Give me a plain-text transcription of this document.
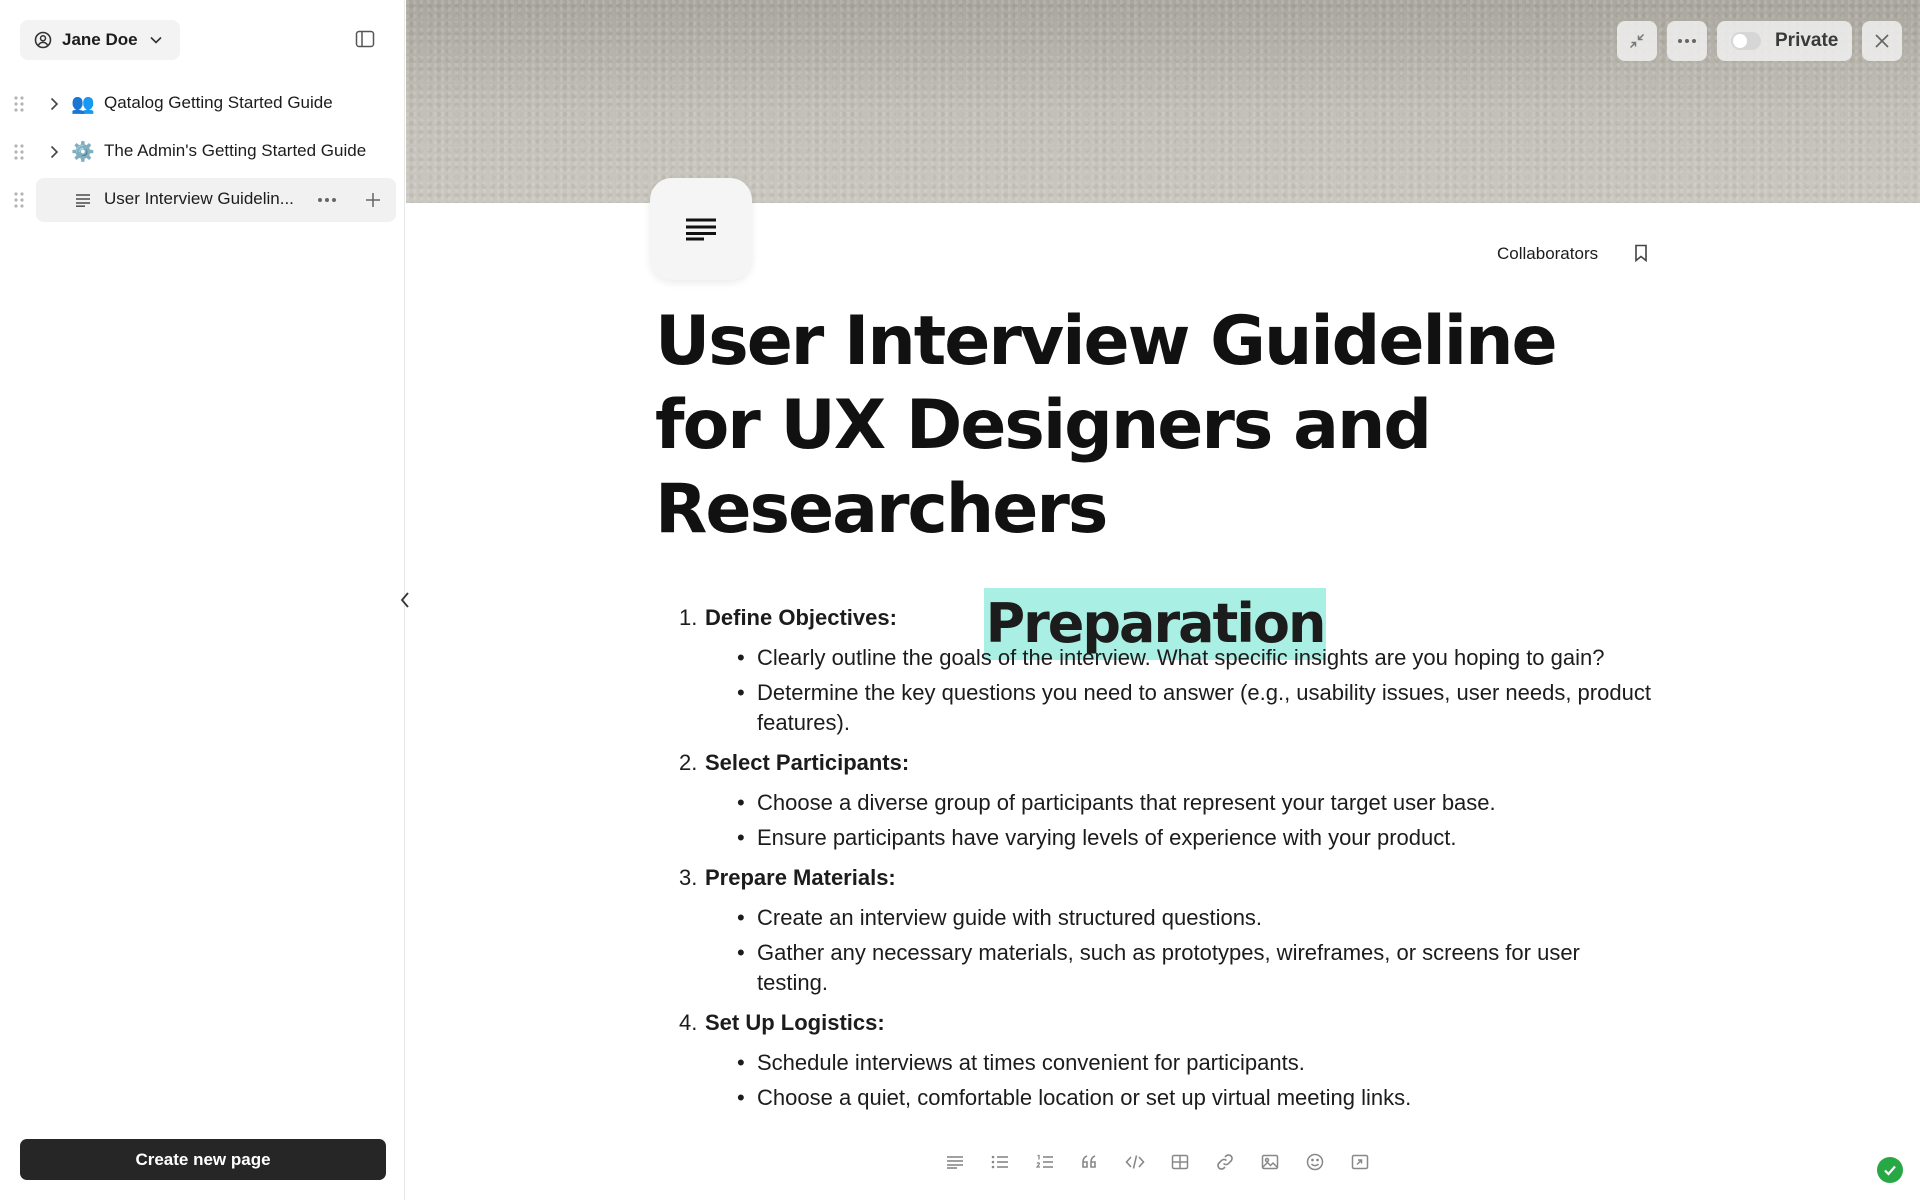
Jane Doe
👥 Qatalog Getting Started Guide
⚙️ The Admin's Getting Started Guide
User Interview Guidelin...
Create new page
Private
Collaborators
User Interview Guideline for UX Designers and Researchers
Preparation
1. Define Objectives:
• Clearly outline the goals of the interview. What specific insights are you hoping to gain?
• Determine the key questions you need to answer (e.g., usability issues, user needs, product features).
2. Select Participants:
• Choose a diverse group of participants that represent your target user base.
• Ensure participants have varying levels of experience with your product.
3. Prepare Materials:
• Create an interview guide with structured questions.
• Gather any necessary materials, such as prototypes, wireframes, or screens for user testing.
4. Set Up Logistics:
• Schedule interviews at times convenient for participants.
• Choose a quiet, comfortable location or set up virtual meeting links.
